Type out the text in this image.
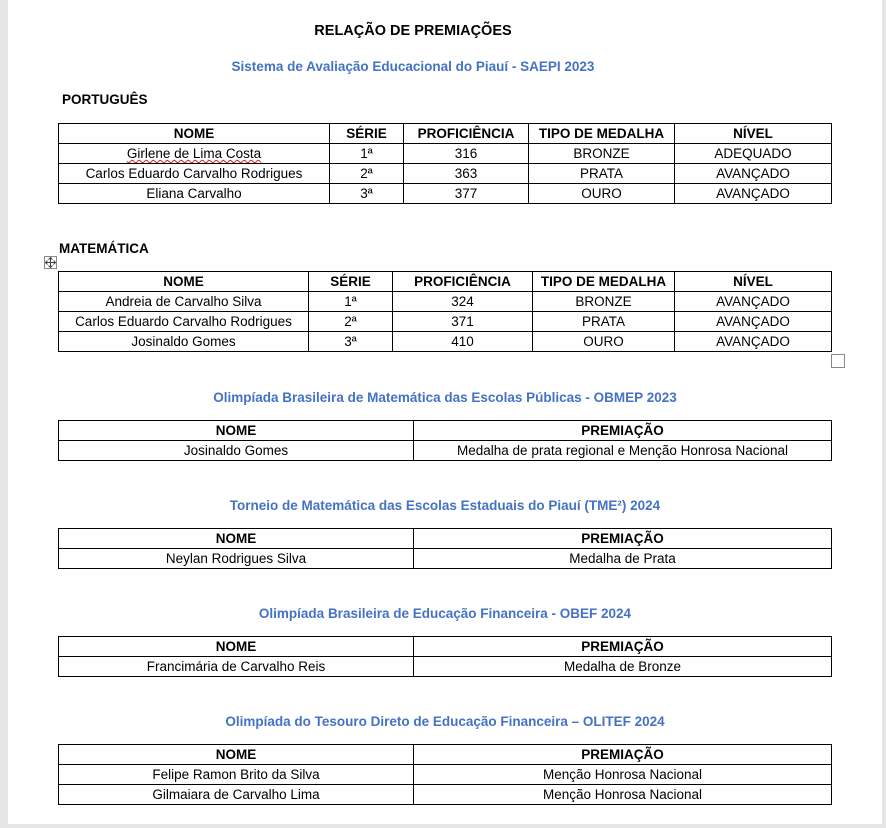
RELAÇÃO DE PREMIAÇÕES
Sistema de Avaliação Educacional do Piauí - SAEPI 2023
PORTUGUÊS
NOME	SÉRIE	PROFICIÊNCIA	TIPO DE MEDALHA	NÍVEL
Girlene de Lima Costa	1ª	316	BRONZE	ADEQUADO
Carlos Eduardo Carvalho Rodrigues	2ª	363	PRATA	AVANÇADO
Eliana Carvalho	3ª	377	OURO	AVANÇADO
MATEMÁTICA
NOME	SÉRIE	PROFICIÊNCIA	TIPO DE MEDALHA	NÍVEL
Andreia de Carvalho Silva	1ª	324	BRONZE	AVANÇADO
Carlos Eduardo Carvalho Rodrigues	2ª	371	PRATA	AVANÇADO
Josinaldo Gomes	3ª	410	OURO	AVANÇADO
Olimpíada Brasileira de Matemática das Escolas Públicas - OBMEP 2023
NOME	PREMIAÇÃO
Josinaldo Gomes	Medalha de prata regional e Menção Honrosa Nacional
Torneio de Matemática das Escolas Estaduais do Piauí (TME²) 2024
NOME	PREMIAÇÃO
Neylan Rodrigues Silva	Medalha de Prata
Olimpíada Brasileira de Educação Financeira - OBEF 2024
NOME	PREMIAÇÃO
Francimária de Carvalho Reis	Medalha de Bronze
Olimpíada do Tesouro Direto de Educação Financeira – OLITEF 2024
NOME	PREMIAÇÃO
Felipe Ramon Brito da Silva	Menção Honrosa Nacional
Gilmaiara de Carvalho Lima	Menção Honrosa Nacional
